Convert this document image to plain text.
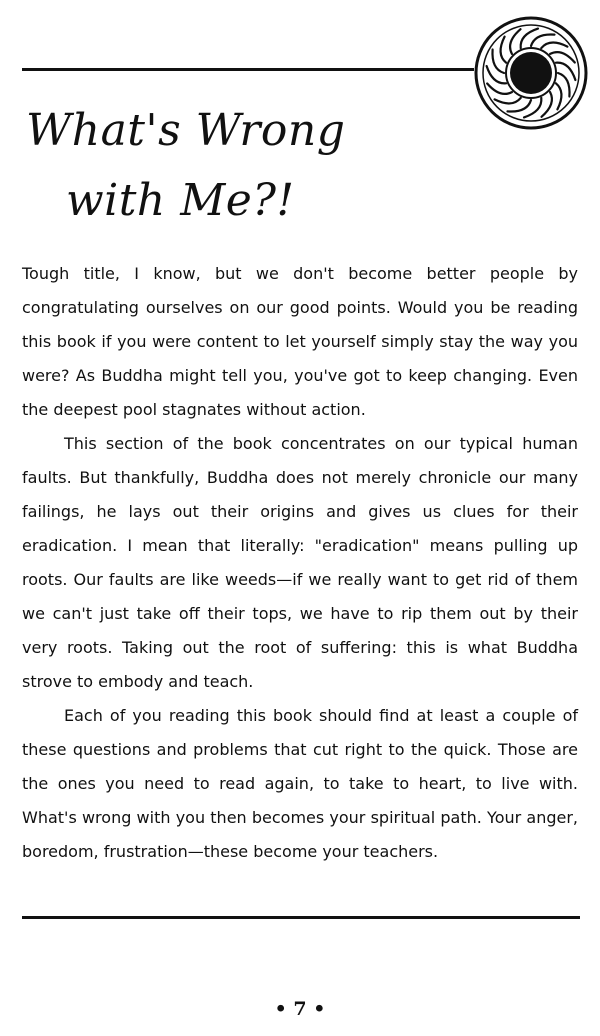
What's Wrong
with Me?!

Tough title, I know, but we don't become better people by congratulating ourselves on our good points. Would you be reading this book if you were content to let yourself simply stay the way you were? As Buddha might tell you, you've got to keep changing. Even the deepest pool stagnates without action.

This section of the book concentrates on our typical human faults. But thankfully, Buddha does not merely chronicle our many failings, he lays out their origins and gives us clues for their eradication. I mean that literally: "eradication" means pulling up roots. Our faults are like weeds—if we really want to get rid of them we can't just take off their tops, we have to rip them out by their very roots. Taking out the root of suffering: this is what Buddha strove to embody and teach.

Each of you reading this book should find at least a couple of these questions and problems that cut right to the quick. Those are the ones you need to read again, to take to heart, to live with. What's wrong with you then becomes your spiritual path. Your anger, boredom, frustration—these become your teachers.

• 7 •
